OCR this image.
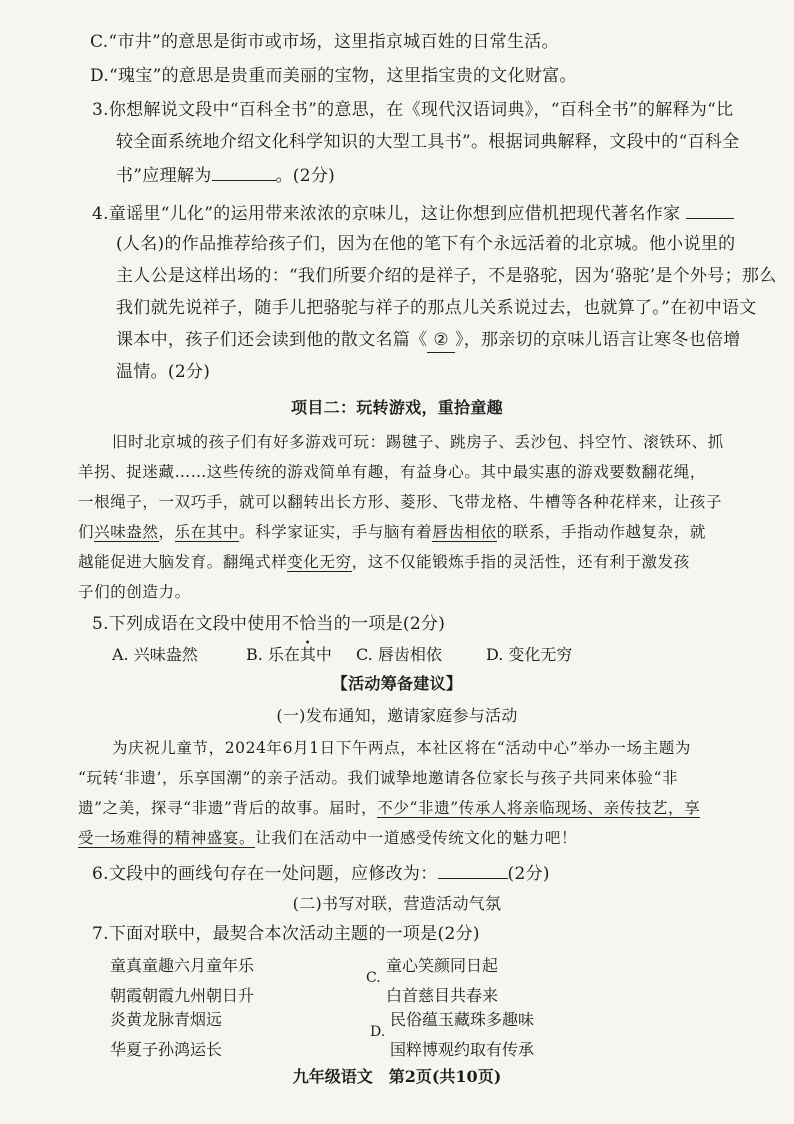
C.“市井”的意思是街市或市场，这里指京城百姓的日常生活。
D.“瑰宝”的意思是贵重而美丽的宝物，这里指宝贵的文化财富。
3.你想解说文段中“百科全书”的意思，在《现代汉语词典》，“百科全书”的解释为“比
较全面系统地介绍文化科学知识的大型工具书”。根据词典解释，文段中的“百科全
书”应理解为	。(2分)
4.童谣里“儿化”的运用带来浓浓的京味儿，这让你想到应借机把现代著名作家
(人名)的作品推荐给孩子们，因为在他的笔下有个永远活着的北京城。他小说里的
主人公是这样出场的：“我们所要介绍的是祥子，不是骆驼，因为‘骆驼’是个外号；那么
我们就先说祥子，随手儿把骆驼与祥子的那点儿关系说过去，也就算了。”在初中语文
课本中，孩子们还会读到他的散文名篇《 ② 》，那亲切的京味儿语言让寒冬也倍增
温情。(2分)
项目二：玩转游戏，重拾童趣
旧时北京城的孩子们有好多游戏可玩：踢毽子、跳房子、丢沙包、抖空竹、滚铁环、抓
羊拐、捉迷藏……这些传统的游戏简单有趣，有益身心。其中最实惠的游戏要数翻花绳，
一根绳子，一双巧手，就可以翻转出长方形、菱形、飞带龙格、牛槽等各种花样来，让孩子
们兴味盎然，乐在其中。科学家证实，手与脑有着唇齿相依的联系，手指动作越复杂，就
越能促进大脑发育。翻绳式样变化无穷，这不仅能锻炼手指的灵活性，还有利于激发孩
子们的创造力。
5.下列成语在文段中使用不恰当的一项是(2分)
A. 兴味盎然	B. 乐在其中 C. 唇齿相依	D. 变化无穷
【活动筹备建议】
(一)发布通知，邀请家庭参与活动
为庆祝儿童节，2024年6月1日下午两点，本社区将在“活动中心”举办一场主题为
“玩转‘非遗’，乐享国潮”的亲子活动。我们诚挚地邀请各位家长与孩子共同来体验“非
遗”之美，探寻“非遗”背后的故事。届时，不少“非遗”传承人将亲临现场、亲传技艺，享
受一场难得的精神盛宴。让我们在活动中一道感受传统文化的魅力吧！
6.文段中的画线句存在一处问题，应修改为：	(2分)
(二)书写对联，营造活动气氛
7.下面对联中，最契合本次活动主题的一项是(2分)
童真童趣六月童年乐
朝霞朝霞九州朝日升
炎黄龙脉青烟远
华夏子孙鸿运长
C.
童心笑颜同日起
白首慈目共春来
D.
民俗蕴玉藏珠多趣味
国粹博观约取有传承
九年级语文　第2页(共10页)
